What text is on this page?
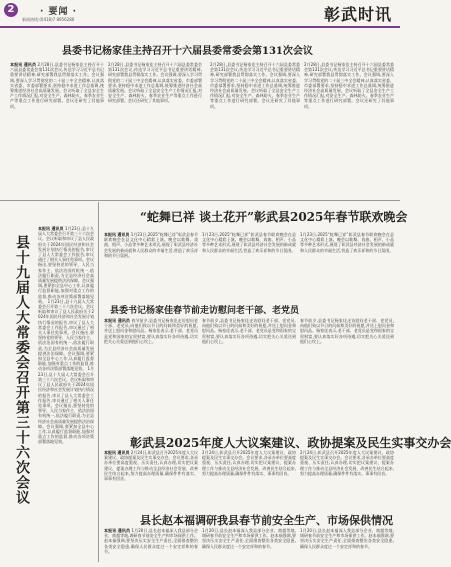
2	· 要闻 ·
新闻热线:(0418)7 8956286	彰武时讯
县委书记杨家佳主持召开十六届县委常委会第131次会议
本报讯 通讯员 2月28日,县委书记杨家佳主持召开十六届县委常委会第131次会议,传达学习习近平总书记重要讲话精神,研究部署我县贯彻落实工作。会议强调,要深入学习贯彻党的二十届三中全会精神,认真落实省委、市委部署要求,坚持稳中求进工作总基调,统筹推进经济社会高质量发展。会议听取了全县安全生产工作情况汇报,对安全生产、森林防火、春季农业生产等重点工作进行研究部署。会议还研究了其他事项。
2月28日,县委书记杨家佳主持召开十六届县委常委会第131次会议,传达学习习近平总书记重要讲话精神,研究部署我县贯彻落实工作。会议强调,要深入学习贯彻党的二十届三中全会精神,认真落实省委、市委部署要求,坚持稳中求进工作总基调,统筹推进经济社会高质量发展。会议听取了全县安全生产工作情况汇报,对安全生产、森林防火、春季农业生产等重点工作进行研究部署。会议还研究了其他事项。
2月28日,县委书记杨家佳主持召开十六届县委常委会第131次会议,传达学习习近平总书记重要讲话精神,研究部署我县贯彻落实工作。会议强调,要深入学习贯彻党的二十届三中全会精神,认真落实省委、市委部署要求,坚持稳中求进工作总基调,统筹推进经济社会高质量发展。会议听取了全县安全生产工作情况汇报,对安全生产、森林防火、春季农业生产等重点工作进行研究部署。会议还研究了其他事项。
2月28日,县委书记杨家佳主持召开十六届县委常委会第131次会议,传达学习习近平总书记重要讲话精神,研究部署我县贯彻落实工作。会议强调,要深入学习贯彻党的二十届三中全会精神,认真落实省委、市委部署要求,坚持稳中求进工作总基调,统筹推进经济社会高质量发展。会议听取了全县安全生产工作情况汇报,对安全生产、森林防火、春季农业生产等重点工作进行研究部署。会议还研究了其他事项。
县十九届人大常委会召开第三十六次会议
本报讯 通讯员 1月23日,县十九届人大常委会召开第三十六次会议。会议听取和审议了县人民政府关于2024年国民经济和社会发展计划执行情况的报告,审议了县人大常委会工作报告,审议通过了相关人事任免事项。会议指出,要坚持党的领导、人民当家作主、依法治国有机统一,依法履行职责,为全县经济社会高质量发展提供法治保障。会议强调,要紧扣全县中心工作,认真履行监督职能,加强对重点工作的监督,推动各项决策部署落地见效。 1月23日,县十九届人大常委会召开第三十六次会议。会议听取和审议了县人民政府关于2024年国民经济和社会发展计划执行情况的报告,审议了县人大常委会工作报告,审议通过了相关人事任免事项。会议指出,要坚持党的领导、人民当家作主、依法治国有机统一,依法履行职责,为全县经济社会高质量发展提供法治保障。会议强调,要紧扣全县中心工作,认真履行监督职能,加强对重点工作的监督,推动各项决策部署落地见效。 1月23日,县十九届人大常委会召开第三十六次会议。会议听取和审议了县人民政府关于2024年国民经济和社会发展计划执行情况的报告,审议了县人大常委会工作报告,审议通过了相关人事任免事项。会议指出,要坚持党的领导、人民当家作主、依法治国有机统一,依法履行职责,为全县经济社会高质量发展提供法治保障。会议强调,要紧扣全县中心工作,认真履行监督职能,加强对重点工作的监督,推动各项决策部署落地见效。
“蛇舞已祥 谈土花开”彰武县2025年春节联欢晚会
本报讯 通讯员 1月23日,2025“蛇舞已祥”彰武县春节联欢晚会在县文化中心精彩上演。晚会以歌舞、戏曲、相声、小品等多种艺术形式,展现了彰武县经济社会发展的新成就和人民群众的幸福生活,营造了欢乐祥和的节日氛围。
1月23日,2025“蛇舞已祥”彰武县春节联欢晚会在县文化中心精彩上演。晚会以歌舞、戏曲、相声、小品等多种艺术形式,展现了彰武县经济社会发展的新成就和人民群众的幸福生活,营造了欢乐祥和的节日氛围。
1月23日,2025“蛇舞已祥”彰武县春节联欢晚会在县文化中心精彩上演。晚会以歌舞、戏曲、相声、小品等多种艺术形式,展现了彰武县经济社会发展的新成就和人民群众的幸福生活,营造了欢乐祥和的节日氛围。
县委书记杨家佳春节前走访慰问老干部、老党员
本报讯 通讯员 春节前夕,县委书记杨家佳走访慰问老干部、老党员,向他们致以节日的问候和美好的祝愿,并送上慰问金和慰问品。杨家佳表示,老干部、老党员是党和国家的宝贵财富,要认真落实好各项待遇,切实把关心关爱送到他们心坎上。
春节前夕,县委书记杨家佳走访慰问老干部、老党员,向他们致以节日的问候和美好的祝愿,并送上慰问金和慰问品。杨家佳表示,老干部、老党员是党和国家的宝贵财富,要认真落实好各项待遇,切实把关心关爱送到他们心坎上。
春节前夕,县委书记杨家佳走访慰问老干部、老党员,向他们致以节日的问候和美好的祝愿,并送上慰问金和慰问品。杨家佳表示,老干部、老党员是党和国家的宝贵财富,要认真落实好各项待遇,切实把关心关爱送到他们心坎上。
彰武县2025年度人大议案建议、政协提案及民生实事交办会
本报讯 通讯员 2月24日,彰武县召开2025年度人大议案建议、政协提案及民生实事交办会。会议要求,各承办单位要高度重视、压实责任,认真办理,切实把议案建议、提案办理工作与推动全县经济社会发展、改善民生结合起来,努力提高办理质量,确保件件有落实、事事有回音。
2月24日,彰武县召开2025年度人大议案建议、政协提案及民生实事交办会。会议要求,各承办单位要高度重视、压实责任,认真办理,切实把议案建议、提案办理工作与推动全县经济社会发展、改善民生结合起来,努力提高办理质量,确保件件有落实、事事有回音。
2月24日,彰武县召开2025年度人大议案建议、政协提案及民生实事交办会。会议要求,各承办单位要高度重视、压实责任,认真办理,切实把议案建议、提案办理工作与推动全县经济社会发展、改善民生结合起来,努力提高办理质量,确保件件有落实、事事有回音。
县长赵本福调研我县春节前安全生产、市场保供情况
本报讯 通讯员 1月20日,县长赵本福深入我县部分企业、商超等地,调研春节前安全生产和市场保供工作。赵本福强调,要坚决压实安全生产责任,全面排查整治各类安全隐患,确保人民群众度过一个安定祥和的春节。
1月20日,县长赵本福深入我县部分企业、商超等地,调研春节前安全生产和市场保供工作。赵本福强调,要坚决压实安全生产责任,全面排查整治各类安全隐患,确保人民群众度过一个安定祥和的春节。
1月20日,县长赵本福深入我县部分企业、商超等地,调研春节前安全生产和市场保供工作。赵本福强调,要坚决压实安全生产责任,全面排查整治各类安全隐患,确保人民群众度过一个安定祥和的春节。
